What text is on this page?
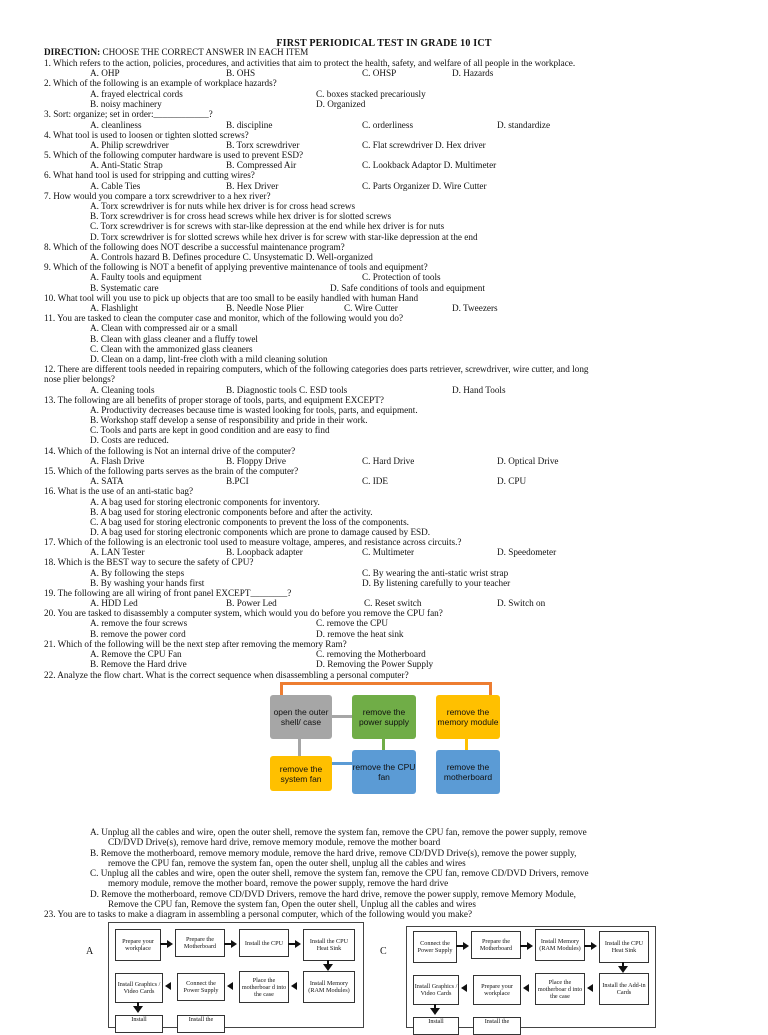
FIRST PERIODICAL TEST IN GRADE 10 ICT
DIRECTION: CHOOSE THE CORRECT ANSWER IN EACH ITEM
1. Which refers to the action, policies, procedures, and activities that aim to protect the health, safety, and welfare of all people in the workplace.
A. OHP	B. OHS	C. OHSP	D. Hazards
2. Which of the following is an example of workplace hazards?
A. frayed electrical cords	C. boxes stacked precariously
B. noisy machinery	D. Organized
3. Sort: organize; set in order:____________?
A. cleanliness	B. discipline	C. orderliness	D. standardize
4. What tool is used to loosen or tighten slotted screws?
A. Philip screwdriver	B. Torx screwdriver	C. Flat screwdriver D. Hex driver
5. Which of the following computer hardware is used to prevent ESD?
A. Anti-Static Strap	B. Compressed Air	C. Lookback Adaptor D. Multimeter
6. What hand tool is used for stripping and cutting wires?
A. Cable Ties	B. Hex Driver	C. Parts Organizer D. Wire Cutter
7. How would you compare a torx screwdriver to a hex river?
A. Torx screwdriver is for nuts while hex driver is for cross head screws
B. Torx screwdriver is for cross head screws while hex driver is for slotted screws
C. Torx screwdriver is for screws with star-like depression at the end while hex driver is for nuts
D. Torx screwdriver is for slotted screws while hex driver is for screw with star-like depression at the end
8. Which of the following does NOT describe a successful maintenance program?
A. Controls hazard B. Defines procedure C. Unsystematic D. Well-organized
9. Which of the following is NOT a benefit of applying preventive maintenance of tools and equipment?
A. Faulty tools and equipment	C. Protection of tools
B. Systematic care	D. Safe conditions of tools and equipment
10. What tool will you use to pick up objects that are too small to be easily handled with human Hand
A. Flashlight	B. Needle Nose Plier	C. Wire Cutter	D. Tweezers
11. You are tasked to clean the computer case and monitor, which of the following would you do?
A. Clean with compressed air or a small
B. Clean with glass cleaner and a fluffy towel
C. Clean with the ammonized glass cleaners
D. Clean on a damp, lint-free cloth with a mild cleaning solution
12. There are different tools needed in repairing computers, which of the following categories does parts retriever, screwdriver, wire cutter, and long
nose plier belongs?
A. Cleaning tools	B. Diagnostic tools C. ESD tools	D. Hand Tools
13. The following are all benefits of proper storage of tools, parts, and equipment EXCEPT?
A. Productivity decreases because time is wasted looking for tools, parts, and equipment.
B. Workshop staff develop a sense of responsibility and pride in their work.
C. Tools and parts are kept in good condition and are easy to find
D. Costs are reduced.
14. Which of the following is Not an internal drive of the computer?
A. Flash Drive	B. Floppy Drive	C. Hard Drive	D. Optical Drive
15. Which of the following parts serves as the brain of the computer?
A. SATA	B.PCI	C. IDE	D. CPU
16. What is the use of an anti-static bag?
A. A bag used for storing electronic components for inventory.
B. A bag used for storing electronic components before and after the activity.
C. A bag used for storing electronic components to prevent the loss of the components.
D. A bag used for storing electronic components which are prone to damage caused by ESD.
17. Which of the following is an electronic tool used to measure voltage, amperes, and resistance across circuits.?
A. LAN Tester	B. Loopback adapter	C. Multimeter	D. Speedometer
18. Which is the BEST way to secure the safety of CPU?
A. By following the steps	C. By wearing the anti-static wrist strap
B. By washing your hands first	D. By listening carefully to your teacher
19. The following are all wiring of front panel EXCEPT________?
A. HDD Led	B. Power Led	C. Reset switch	D. Switch on
20. You are tasked to disassembly a computer system, which would you do before you remove the CPU fan?
A. remove the four screws	C. remove the CPU
B. remove the power cord	D. remove the heat sink
21. Which of the following will be the next step after removing the memory Ram?
A. Remove the CPU Fan	C. removing the Motherboard
B. Remove the Hard drive	D. Removing the Power Supply
22. Analyze the flow chart. What is the correct sequence when disassembling a personal computer?
open the outer shell/ case
remove the power supply
remove the memory module
remove the system fan
remove the CPU fan
remove the motherboard
A. Unplug all the cables and wire, open the outer shell, remove the system fan, remove the CPU fan, remove the power supply, remove
CD/DVD Drive(s), remove hard drive, remove memory module, remove the mother board
B. Remove the motherboard, remove memory module, remove the hard drive, remove CD/DVD Drive(s), remove the power supply,
remove the CPU fan, remove the system fan, open the outer shell, unplug all the cables and wires
C. Unplug all the cables and wire, open the outer shell, remove the system fan, remove the CPU fan, remove CD/DVD Drivers, remove
memory module, remove the mother board, remove the power supply, remove the hard drive
D. Remove the motherboard, remove CD/DVD Drivers, remove the hard drive, remove the power supply, remove Memory Module,
Remove the CPU fan, Remove the system fan, Open the outer shell, Unplug all the cables and wires
23. You are to tasks to make a diagram in assembling a personal computer, which of the following would you make?
A	C
Prepare your workplace
Prepare the Motherboard	Install the CPU	Install the CPU Heat Sink
Install Graphics / Video Cards
Connect the Power Supply
Place the motherboar d into the case
Install Memory (RAM Modules)
Install	Install the
Connect the Power Supply
Prepare the Motherboard
Install Memory (RAM Modules)
Install the CPU Heat Sink
Install Graphics / Video Cards
Prepare your workplace
Place the motherboar d into the case
Install the Add-in Cards
Install	Install the
